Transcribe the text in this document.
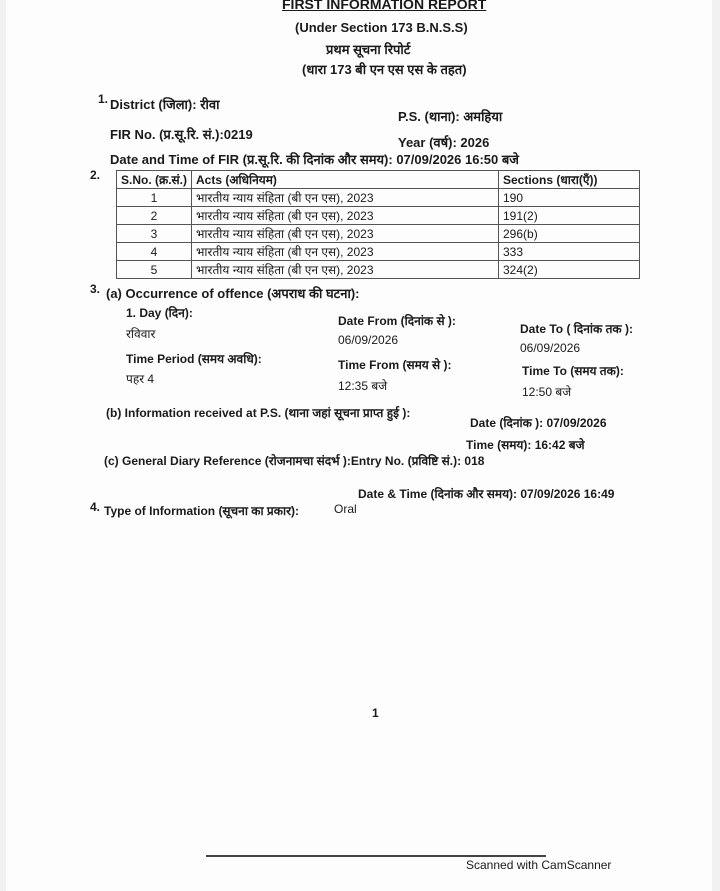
FIRST INFORMATION REPORT
(Under Section 173 B.N.S.S)
प्रथम सूचना रिपोर्ट
(धारा 173 बी एन एस एस के तहत)
1. District (जिला): रीवा
P.S. (थाना): अमहिया
FIR No. (प्र.सू.रि. सं.):0219
Year (वर्ष): 2026
Date and Time of FIR (प्र.सू.रि. की दिनांक और समय): 07/09/2026 16:50 बजे
2. S.No. (क्र.सं.)	Acts (अधिनियम)	Sections (धारा(एँ))
1	भारतीय न्याय संहिता (बी एन एस), 2023	190
2	भारतीय न्याय संहिता (बी एन एस), 2023	191(2)
3	भारतीय न्याय संहिता (बी एन एस), 2023	296(b)
4	भारतीय न्याय संहिता (बी एन एस), 2023	333
5	भारतीय न्याय संहिता (बी एन एस), 2023	324(2)
3. (a) Occurrence of offence (अपराध की घटना):
1. Day (दिन):
रविवार
Date From (दिनांक से ):
06/09/2026
Date To ( दिनांक तक ):
06/09/2026
Time Period (समय अवधि):
पहर 4
Time From (समय से ):
12:35 बजे
Time To (समय तक):
12:50 बजे
(b) Information received at P.S. (थाना जहां सूचना प्राप्त हुई ):
Date (दिनांक ): 07/09/2026
Time (समय): 16:42 बजे
(c) General Diary Reference (रोजनामचा संदर्भ ):Entry No. (प्रविष्टि सं.): 018
Date & Time (दिनांक और समय): 07/09/2026 16:49
4. Type of Information (सूचना का प्रकार):	Oral
1
Scanned with CamScanner
